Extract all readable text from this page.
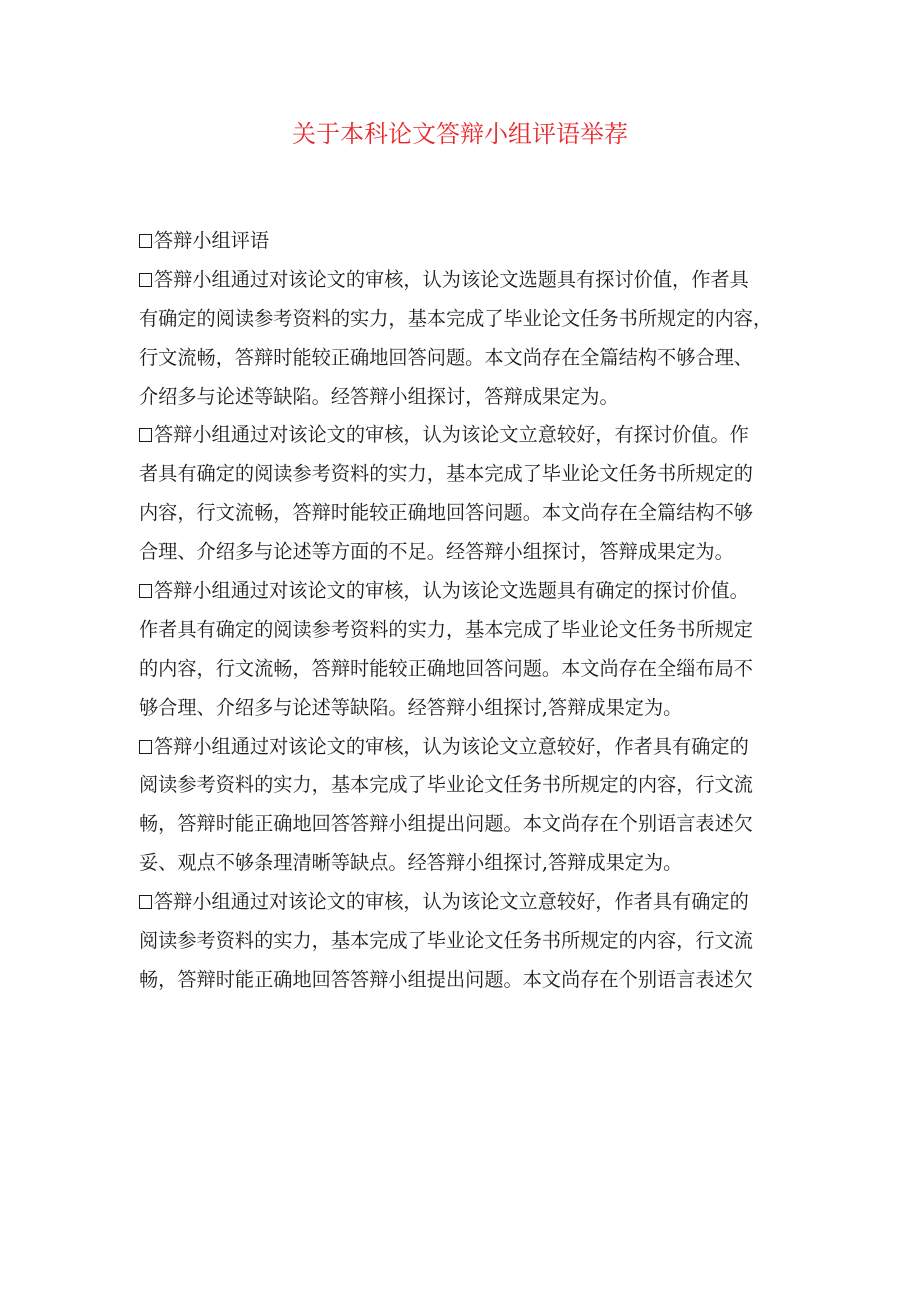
关于本科论文答辩小组评语举荐

答辩小组评语

答辩小组通过对该论文的审核，认为该论文选题具有探讨价值，作者具
有确定的阅读参考资料的实力，基本完成了毕业论文任务书所规定的内容，
行文流畅，答辩时能较正确地回答问题。本文尚存在全篇结构不够合理、
介绍多与论述等缺陷。经答辩小组探讨，答辩成果定为。

答辩小组通过对该论文的审核，认为该论文立意较好，有探讨价值。作
者具有确定的阅读参考资料的实力，基本完成了毕业论文任务书所规定的
内容，行文流畅，答辩时能较正确地回答问题。本文尚存在全篇结构不够
合理、介绍多与论述等方面的不足。经答辩小组探讨，答辩成果定为。

答辩小组通过对该论文的审核，认为该论文选题具有确定的探讨价值。
作者具有确定的阅读参考资料的实力，基本完成了毕业论文任务书所规定
的内容，行文流畅，答辩时能较正确地回答问题。本文尚存在全缁布局不
够合理、介绍多与论述等缺陷。经答辩小组探讨,答辩成果定为。

答辩小组通过对该论文的审核，认为该论文立意较好，作者具有确定的
阅读参考资料的实力，基本完成了毕业论文任务书所规定的内容，行文流
畅，答辩时能正确地回答答辩小组提出问题。本文尚存在个别语言表述欠
妥、观点不够条理清晰等缺点。经答辩小组探讨,答辩成果定为。

答辩小组通过对该论文的审核，认为该论文立意较好，作者具有确定的
阅读参考资料的实力，基本完成了毕业论文任务书所规定的内容，行文流
畅，答辩时能正确地回答答辩小组提出问题。本文尚存在个别语言表述欠
